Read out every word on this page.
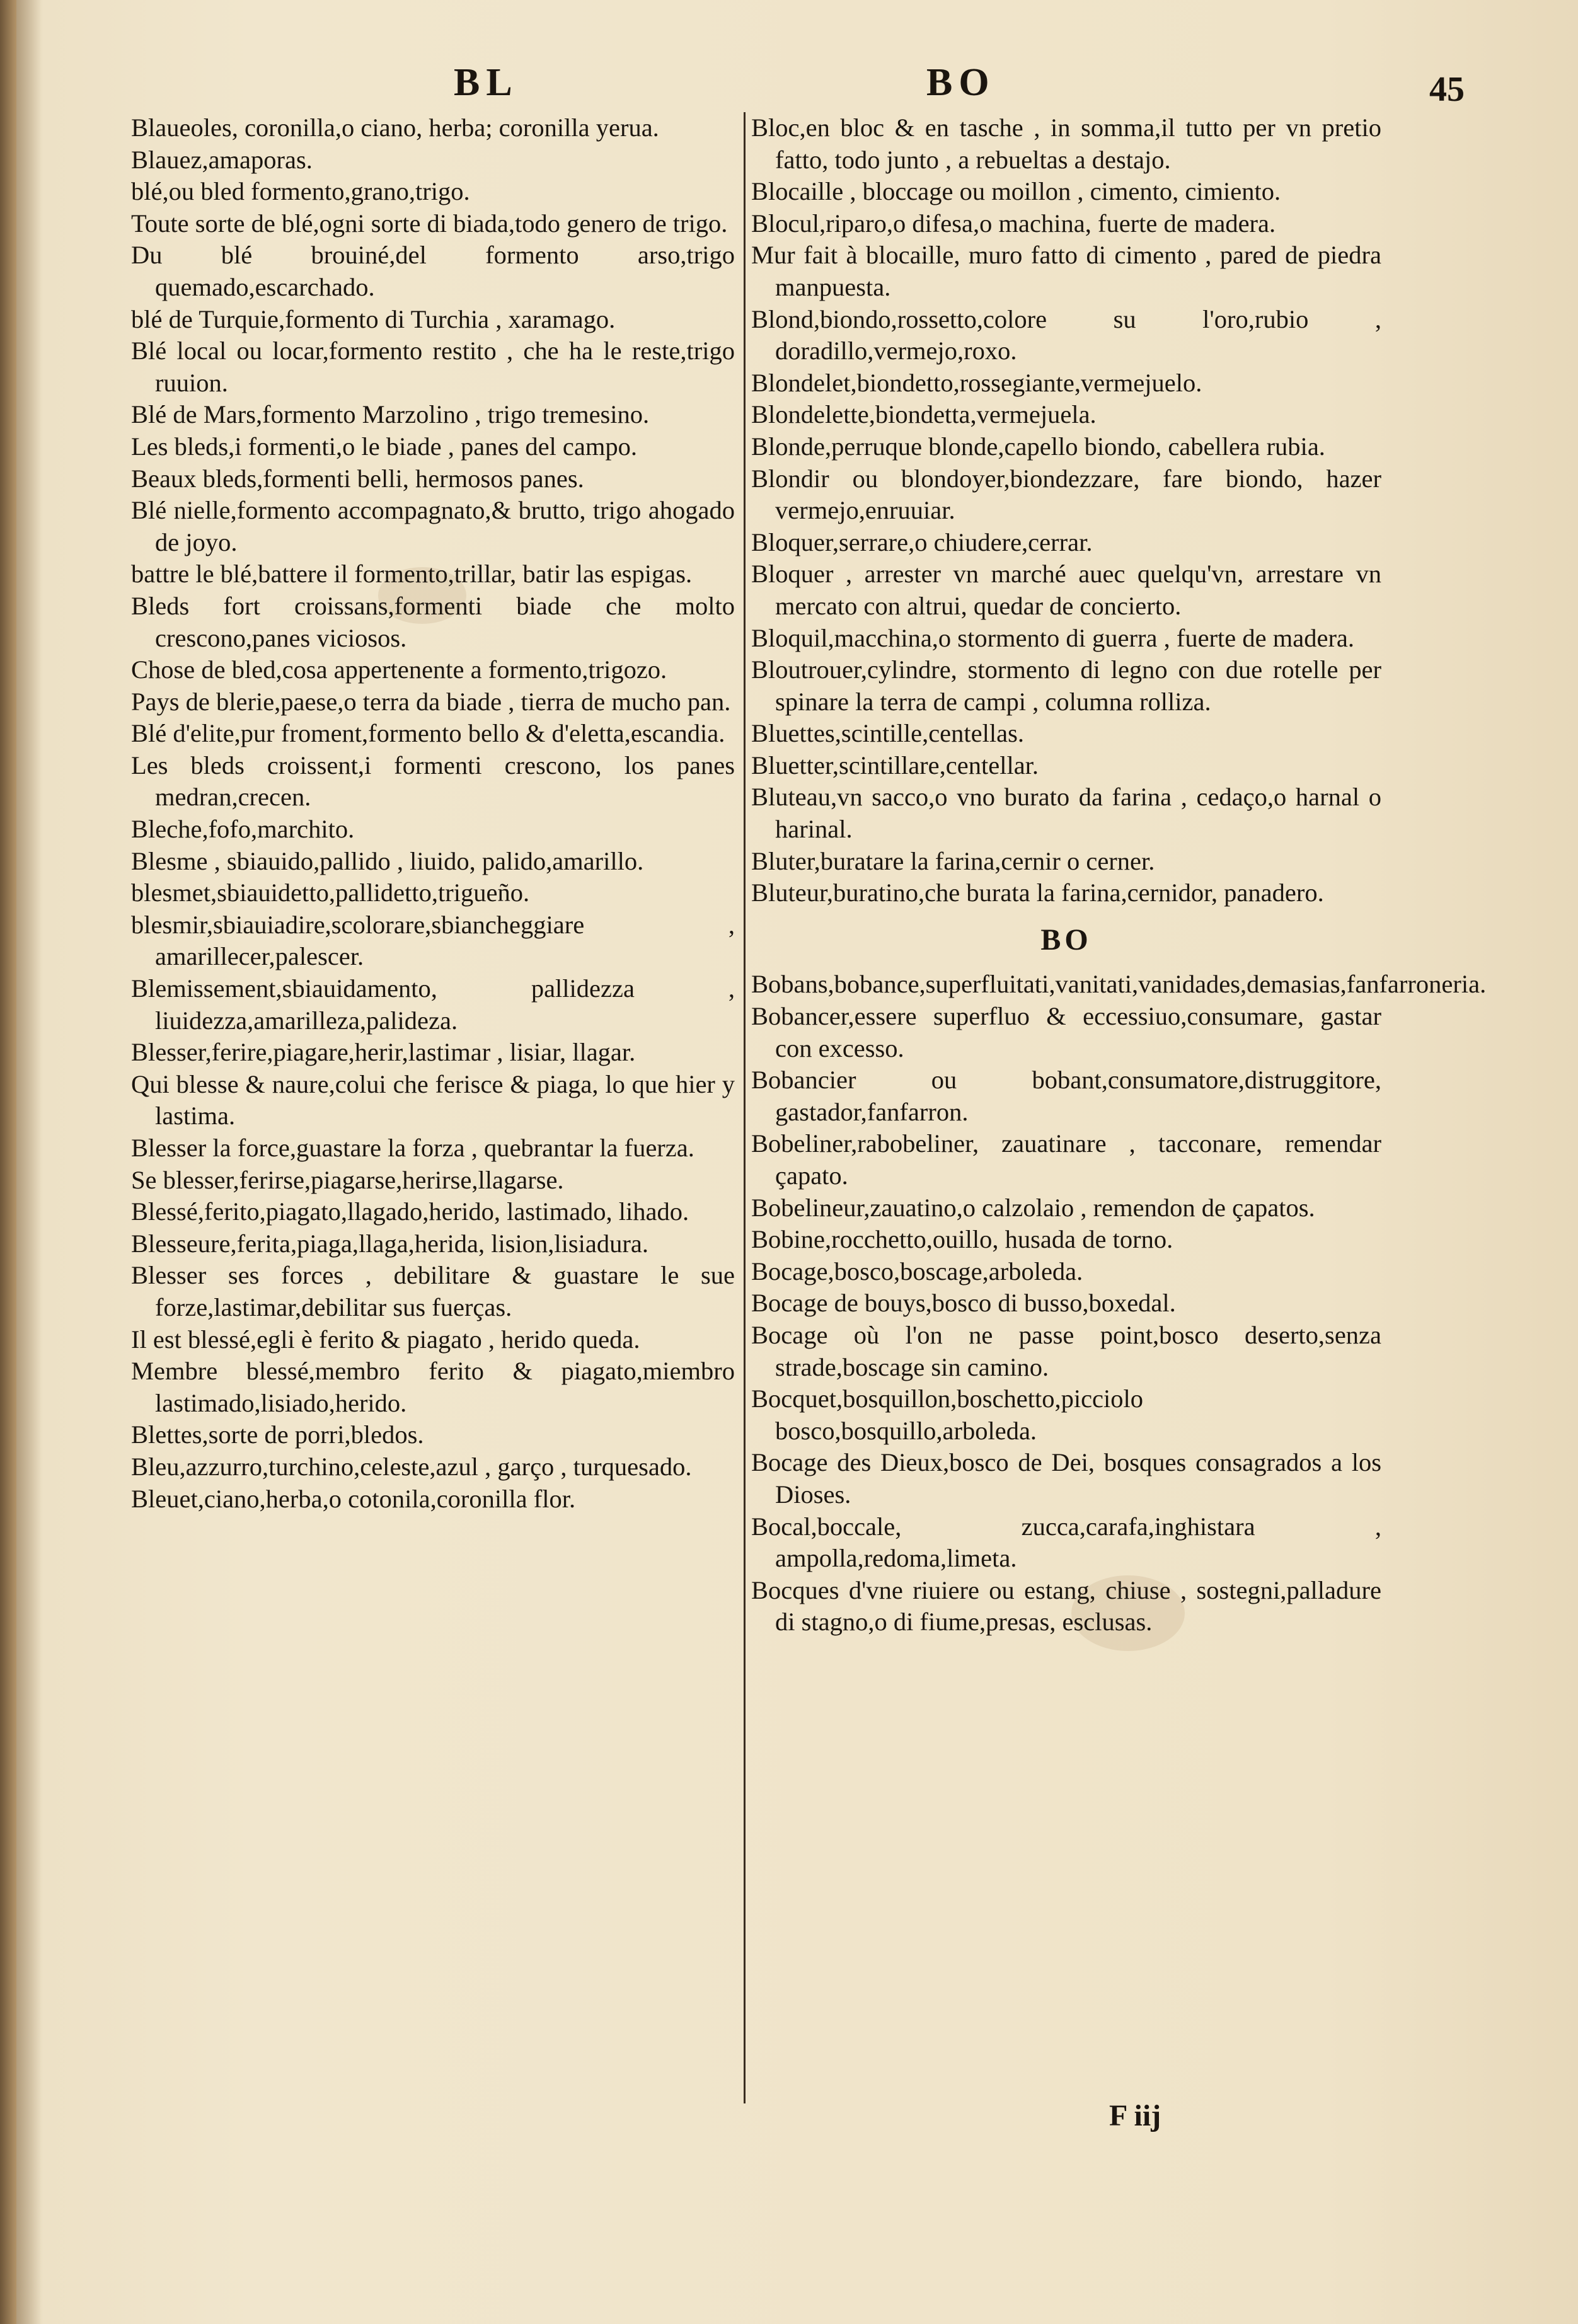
BL	BO	45

Blaueoles, coronilla,o ciano, herba; coronilla yerua.

Blauez,amaporas.

blé,ou bled formento,grano,trigo.

Toute sorte de blé,ogni sorte di biada,todo genero de trigo.

Du blé brouiné,del formento arso,trigo quemado,escarchado.

blé de Turquie,formento di Turchia , xaramago.

Blé local ou locar,formento restito , che ha le reste,trigo ruuion.

Blé de Mars,formento Marzolino , trigo tremesino.

Les bleds,i formenti,o le biade , panes del campo.

Beaux bleds,formenti belli, hermosos panes.

Blé nielle,formento accompagnato,& brutto, trigo ahogado de joyo.

battre le blé,battere il formento,trillar, batir las espigas.

Bleds fort croissans,formenti biade che molto crescono,panes viciosos.

Chose de bled,cosa appertenente a formento,trigozo.

Pays de blerie,paese,o terra da biade , tierra de mucho pan.

Blé d'elite,pur froment,formento bello & d'eletta,escandia.

Les bleds croissent,i formenti crescono, los panes medran,crecen.

Bleche,fofo,marchito.

Blesme , sbiauido,pallido , liuido, palido,amarillo.

blesmet,sbiauidetto,pallidetto,trigueño.

blesmir,sbiauiadire,scolorare,sbiancheggiare , amarillecer,palescer.

Blemissement,sbiauidamento, pallidezza , liuidezza,amarilleza,palideza.

Blesser,ferire,piagare,herir,lastimar , lisiar, llagar.

Qui blesse & naure,colui che ferisce & piaga, lo que hier y lastima.

Blesser la force,guastare la forza , quebrantar la fuerza.

Se blesser,ferirse,piagarse,herirse,llagarse.

Blessé,ferito,piagato,llagado,herido, lastimado, lihado.

Blesseure,ferita,piaga,llaga,herida, lision,lisiadura.

Blesser ses forces , debilitare & guastare le sue forze,lastimar,debilitar sus fuerças.

Il est blessé,egli è ferito & piagato , herido queda.

Membre blessé,membro ferito & piagato,miembro lastimado,lisiado,herido.

Blettes,sorte de porri,bledos.

Bleu,azzurro,turchino,celeste,azul , garço , turquesado.

Bleuet,ciano,herba,o cotonila,coronilla flor.

Bloc,en bloc & en tasche , in somma,il tutto per vn pretio fatto, todo junto , a rebueltas a destajo.

Blocaille , bloccage ou moillon , cimento, cimiento.

Blocul,riparo,o difesa,o machina, fuerte de madera.

Mur fait à blocaille, muro fatto di cimento , pared de piedra manpuesta.

Blond,biondo,rossetto,colore su l'oro,rubio , doradillo,vermejo,roxo.

Blondelet,biondetto,rossegiante,vermejuelo.

Blondelette,biondetta,vermejuela.

Blonde,perruque blonde,capello biondo, cabellera rubia.

Blondir ou blondoyer,biondezzare, fare biondo, hazer vermejo,enruuiar.

Bloquer,serrare,o chiudere,cerrar.

Bloquer , arrester vn marché auec quelqu'vn, arrestare vn mercato con altrui, quedar de concierto.

Bloquil,macchina,o stormento di guerra , fuerte de madera.

Bloutrouer,cylindre, stormento di legno con due rotelle per spinare la terra de campi , columna rolliza.

Bluettes,scintille,centellas.

Bluetter,scintillare,centellar.

Bluteau,vn sacco,o vno burato da farina , cedaço,o harnal o harinal.

Bluter,buratare la farina,cernir o cerner.

Bluteur,buratino,che burata la farina,cernidor, panadero.

BO

Bobans,bobance,superfluitati,vanitati,vanidades,demasias,fanfarroneria.

Bobancer,essere superfluo & eccessiuo,consumare, gastar con excesso.

Bobancier ou bobant,consumatore,distruggitore, gastador,fanfarron.

Bobeliner,rabobeliner, zauatinare , tacconare, remendar çapato.

Bobelineur,zauatino,o calzolaio , remendon de çapatos.

Bobine,rocchetto,ouillo, husada de torno.

Bocage,bosco,boscage,arboleda.

Bocage de bouys,bosco di busso,boxedal.

Bocage où l'on ne passe point,bosco deserto,senza strade,boscage sin camino.

Bocquet,bosquillon,boschetto,picciolo bosco,bosquillo,arboleda.

Bocage des Dieux,bosco de Dei, bosques consagrados a los Dioses.

Bocal,boccale, zucca,carafa,inghistara , ampolla,redoma,limeta.

Bocques d'vne riuiere ou estang, chiuse , sostegni,palladure di stagno,o di fiume,presas, esclusas.

F iij
